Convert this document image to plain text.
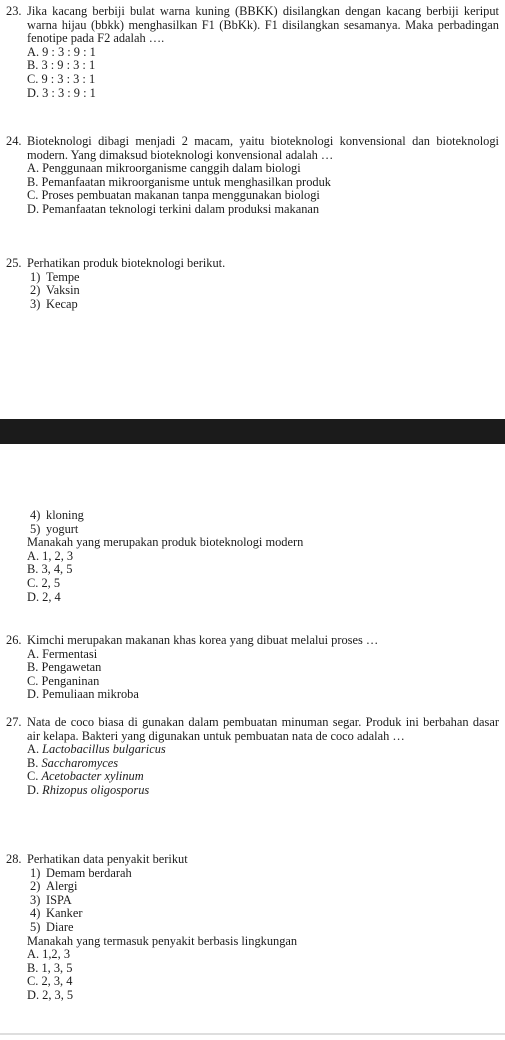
23. Jika kacang berbiji bulat warna kuning (BBKK) disilangkan dengan kacang berbiji keriput warna hijau (bbkk) menghasilkan F1 (BbKk). F1 disilangkan sesamanya. Maka perbadingan fenotipe pada F2 adalah ….
A. 9 : 3 : 9 : 1
B. 3 : 9 : 3 : 1
C. 9 : 3 : 3 : 1
D. 3 : 3 : 9 : 1
24. Bioteknologi dibagi menjadi 2 macam, yaitu bioteknologi konvensional dan bioteknologi modern. Yang dimaksud bioteknologi konvensional adalah …
A. Penggunaan mikroorganisme canggih dalam biologi
B. Pemanfaatan mikroorganisme untuk menghasilkan produk
C. Proses pembuatan makanan tanpa menggunakan biologi
D. Pemanfaatan teknologi terkini dalam produksi makanan
25. Perhatikan produk bioteknologi berikut.
1) Tempe
2) Vaksin
3) Kecap
4) kloning
5) yogurt
Manakah yang merupakan produk bioteknologi modern
A. 1, 2, 3
B. 3, 4, 5
C. 2, 5
D. 2, 4
26. Kimchi merupakan makanan khas korea yang dibuat melalui proses …
A. Fermentasi
B. Pengawetan
C. Penganinan
D. Pemuliaan mikroba
27. Nata de coco biasa di gunakan dalam pembuatan minuman segar. Produk ini berbahan dasar air kelapa. Bakteri yang digunakan untuk pembuatan nata de coco adalah …
A. Lactobacillus bulgaricus
B. Saccharomyces
C. Acetobacter xylinum
D. Rhizopus oligosporus
28. Perhatikan data penyakit berikut
1) Demam berdarah
2) Alergi
3) ISPA
4) Kanker
5) Diare
Manakah yang termasuk penyakit berbasis lingkungan
A. 1,2, 3
B. 1, 3, 5
C. 2, 3, 4
D. 2, 3, 5
